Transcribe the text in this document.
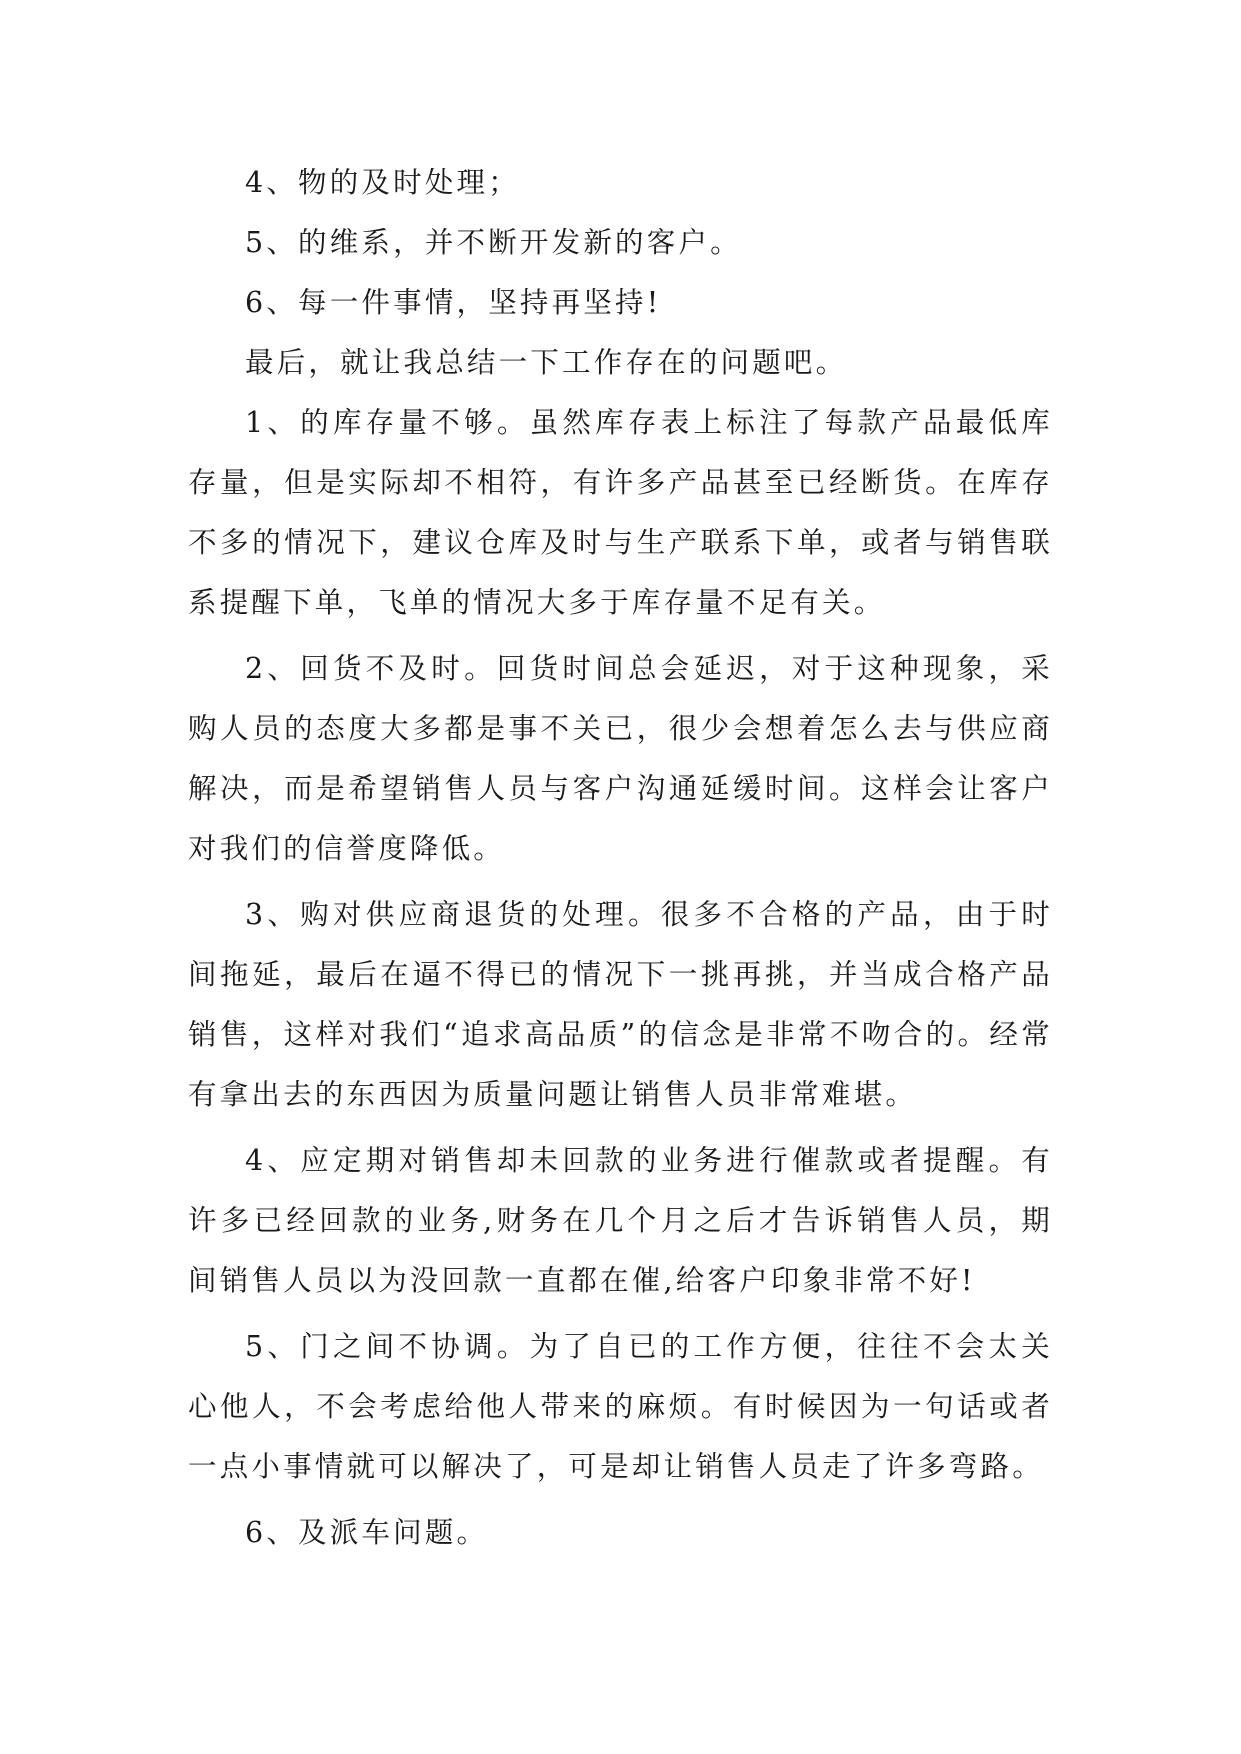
4、物的及时处理；

5、的维系，并不断开发新的客户。

6、每一件事情，坚持再坚持!

最后，就让我总结一下工作存在的问题吧。

1、的库存量不够。虽然库存表上标注了每款产品最低库存量，但是实际却不相符，有许多产品甚至已经断货。在库存不多的情况下，建议仓库及时与生产联系下单，或者与销售联系提醒下单，飞单的情况大多于库存量不足有关。

2、回货不及时。回货时间总会延迟，对于这种现象，采购人员的态度大多都是事不关已，很少会想着怎么去与供应商解决，而是希望销售人员与客户沟通延缓时间。这样会让客户对我们的信誉度降低。

3、购对供应商退货的处理。很多不合格的产品，由于时间拖延，最后在逼不得已的情况下一挑再挑，并当成合格产品销售，这样对我们“追求高品质”的信念是非常不吻合的。经常有拿出去的东西因为质量问题让销售人员非常难堪。

4、应定期对销售却未回款的业务进行催款或者提醒。有许多已经回款的业务,财务在几个月之后才告诉销售人员，期间销售人员以为没回款一直都在催,给客户印象非常不好!

5、门之间不协调。为了自已的工作方便，往往不会太关心他人，不会考虑给他人带来的麻烦。有时候因为一句话或者一点小事情就可以解决了，可是却让销售人员走了许多弯路。

6、及派车问题。
